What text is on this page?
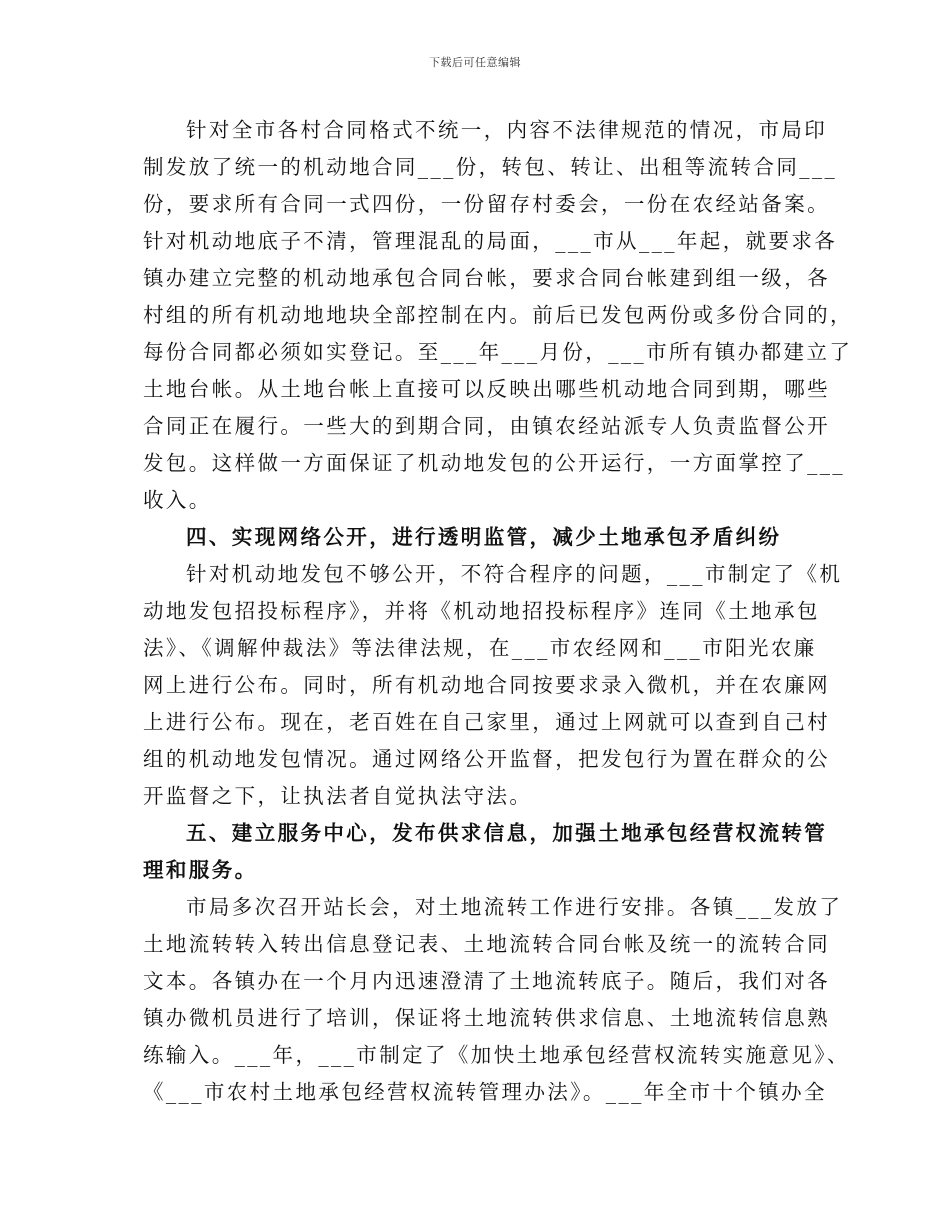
下载后可任意编辑
针对全市各村合同格式不统一，内容不法律规范的情况，市局印
制发放了统一的机动地合同___份，转包、转让、出租等流转合同___
份，要求所有合同一式四份，一份留存村委会，一份在农经站备案。
针对机动地底子不清，管理混乱的局面，___市从___年起，就要求各
镇办建立完整的机动地承包合同台帐，要求合同台帐建到组一级，各
村组的所有机动地地块全部控制在内。前后已发包两份或多份合同的，
每份合同都必须如实登记。至___年___月份，___市所有镇办都建立了
土地台帐。从土地台帐上直接可以反映出哪些机动地合同到期，哪些
合同正在履行。一些大的到期合同，由镇农经站派专人负责监督公开
发包。这样做一方面保证了机动地发包的公开运行，一方面掌控了___
收入。
四、实现网络公开，进行透明监管，减少土地承包矛盾纠纷
针对机动地发包不够公开，不符合程序的问题，___市制定了《机
动地发包招投标程序》，并将《机动地招投标程序》连同《土地承包
法》、《调解仲裁法》等法律法规，在___市农经网和___市阳光农廉
网上进行公布。同时，所有机动地合同按要求录入微机，并在农廉网
上进行公布。现在，老百姓在自己家里，通过上网就可以查到自己村
组的机动地发包情况。通过网络公开监督，把发包行为置在群众的公
开监督之下，让执法者自觉执法守法。
五、建立服务中心，发布供求信息，加强土地承包经营权流转管
理和服务。
市局多次召开站长会，对土地流转工作进行安排。各镇___发放了
土地流转转入转出信息登记表、土地流转合同台帐及统一的流转合同
文本。各镇办在一个月内迅速澄清了土地流转底子。随后，我们对各
镇办微机员进行了培训，保证将土地流转供求信息、土地流转信息熟
练输入。___年，___市制定了《加快土地承包经营权流转实施意见》、
《___市农村土地承包经营权流转管理办法》。___年全市十个镇办全
